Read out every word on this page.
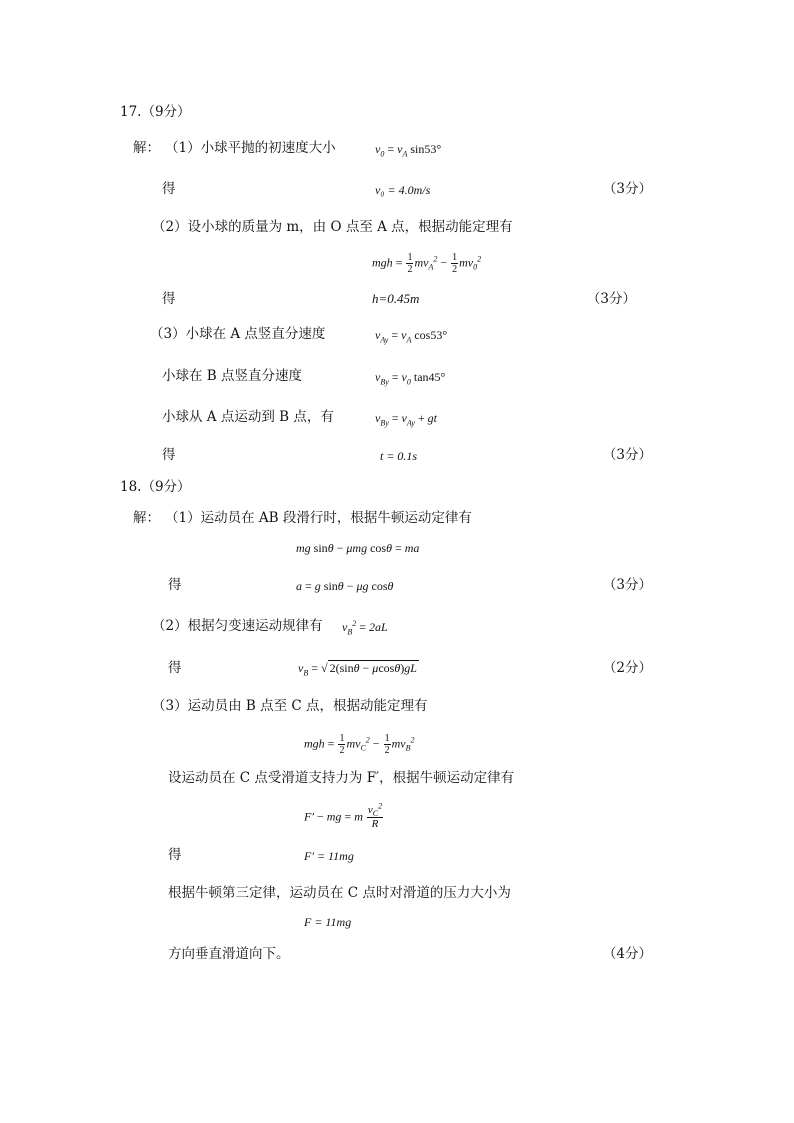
17.（9分）
解： （1）小球平抛的初速度大小	$v_0 = v_A$ sin53°
得	v₀ = 4.0m/s	（3分）
（2）设小球的质量为 m，由 O 点至 A 点，根据动能定理有
mgh = $\frac{1}{2} mv_A^2 - \frac{1}{2} mv_0^2$
得	h=0.45m	（3分）
（3）小球在 A 点竖直分速度	$v_{Ay} = v_A$ cos53°
小球在 B 点竖直分速度	$v_{By} = v_0$ tan45°
小球从 A 点运动到 B 点，有	$v_{By} = v_{Ay}$ + gt
得	t = 0.1s	（3分）
18.（9分）
解： （1）运动员在 AB 段滑行时，根据牛顿运动定律有
mg sinθ − μmg cosθ = ma
得	a = g sinθ − μg cosθ	（3分）
（2）根据匀变速运动规律有 $v_B^2 = 2aL$
得	$v_B$ = √ 2(sinθ − μcosθ)gL	（2分）
（3）运动员由 B 点至 C 点，根据动能定理有
mgh = $\frac{1}{2} mv_C^2 - \frac{1}{2} mv_B^2$
设运动员在 C 点受滑道支持力为 F′，根据牛顿运动定律有
F′ − mg = m $\frac{v_C^2}{R}$
得	F′ = 11mg
根据牛顿第三定律，运动员在 C 点时对滑道的压力大小为
F = 11mg
方向垂直滑道向下。	（4分）
